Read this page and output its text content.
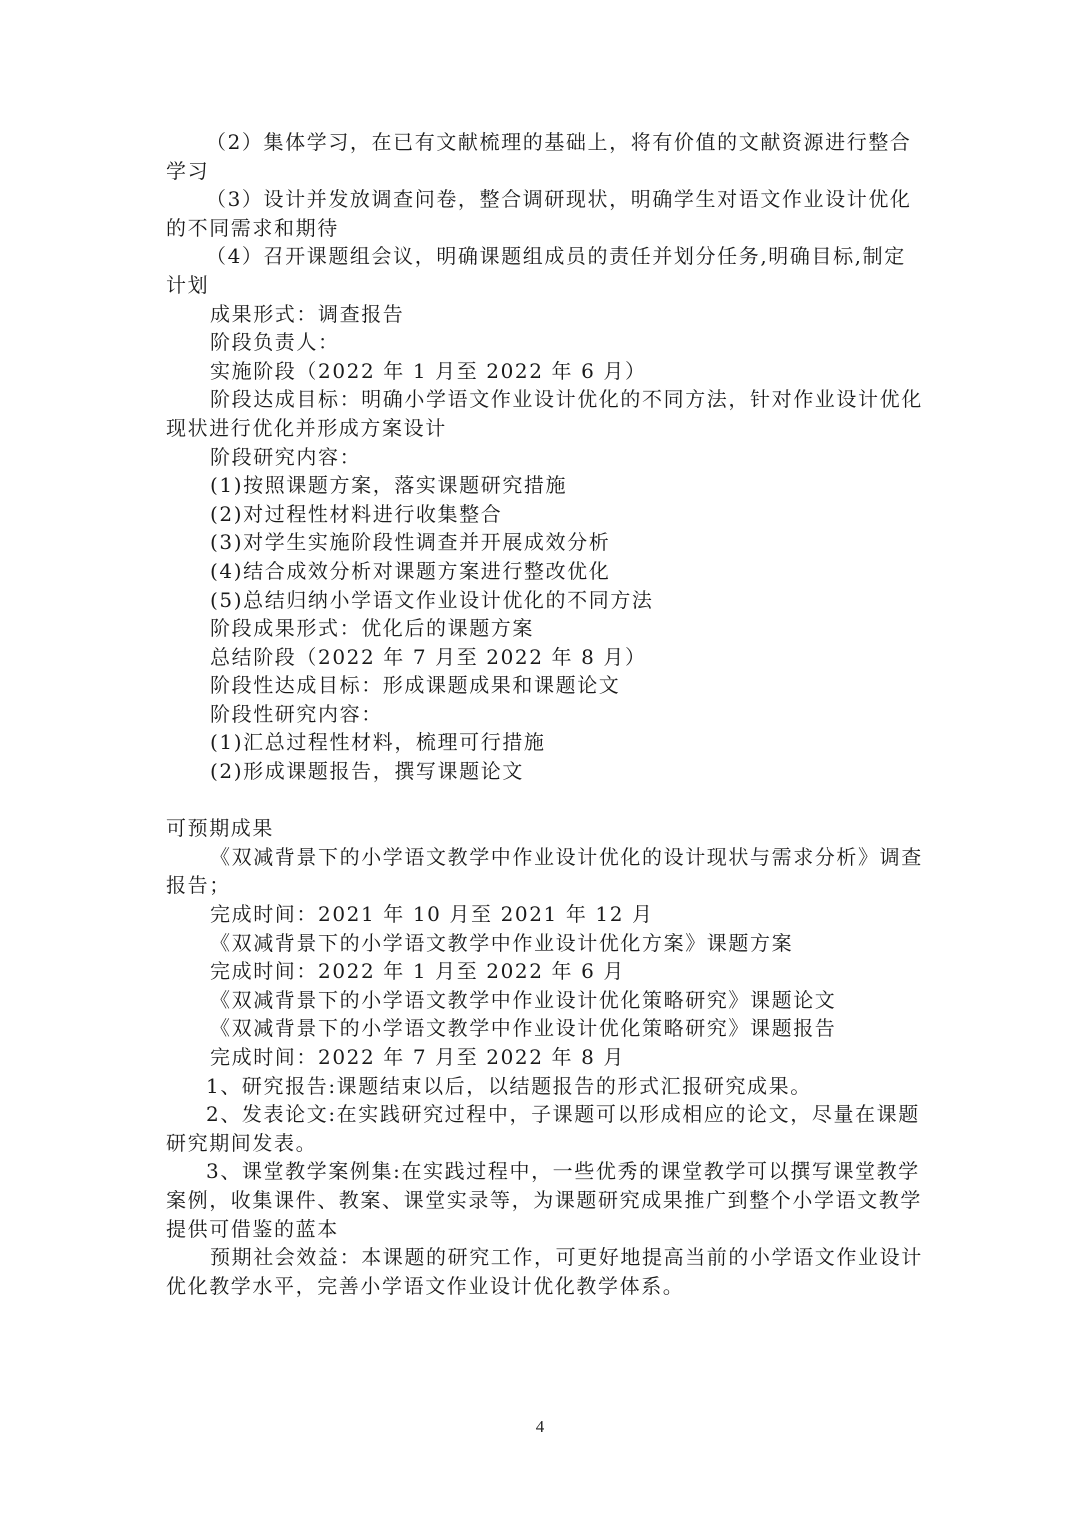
（2）集体学习，在已有文献梳理的基础上，将有价值的文献资源进行整合
学习
（3）设计并发放调查问卷，整合调研现状，明确学生对语文作业设计优化
的不同需求和期待
（4）召开课题组会议，明确课题组成员的责任并划分任务,明确目标,制定
计划
成果形式：调查报告
阶段负责人：
实施阶段（2022 年 1 月至 2022 年 6 月）
阶段达成目标：明确小学语文作业设计优化的不同方法，针对作业设计优化
现状进行优化并形成方案设计
阶段研究内容：
(1)按照课题方案，落实课题研究措施
(2)对过程性材料进行收集整合
(3)对学生实施阶段性调查并开展成效分析
(4)结合成效分析对课题方案进行整改优化
(5)总结归纳小学语文作业设计优化的不同方法
阶段成果形式：优化后的课题方案
总结阶段（2022 年 7 月至 2022 年 8 月）
阶段性达成目标：形成课题成果和课题论文
阶段性研究内容：
(1)汇总过程性材料，梳理可行措施
(2)形成课题报告，撰写课题论文
可预期成果
《双减背景下的小学语文教学中作业设计优化的设计现状与需求分析》调查
报告；
完成时间：2021 年 10 月至 2021 年 12 月
《双减背景下的小学语文教学中作业设计优化方案》课题方案
完成时间：2022 年 1 月至 2022 年 6 月
《双减背景下的小学语文教学中作业设计优化策略研究》课题论文
《双减背景下的小学语文教学中作业设计优化策略研究》课题报告
完成时间：2022 年 7 月至 2022 年 8 月
1、研究报告:课题结束以后，以结题报告的形式汇报研究成果。
2、发表论文:在实践研究过程中，子课题可以形成相应的论文，尽量在课题
研究期间发表。
3、课堂教学案例集:在实践过程中，一些优秀的课堂教学可以撰写课堂教学
案例，收集课件、教案、课堂实录等，为课题研究成果推广到整个小学语文教学
提供可借鉴的蓝本
预期社会效益：本课题的研究工作，可更好地提高当前的小学语文作业设计
优化教学水平，完善小学语文作业设计优化教学体系。
4
